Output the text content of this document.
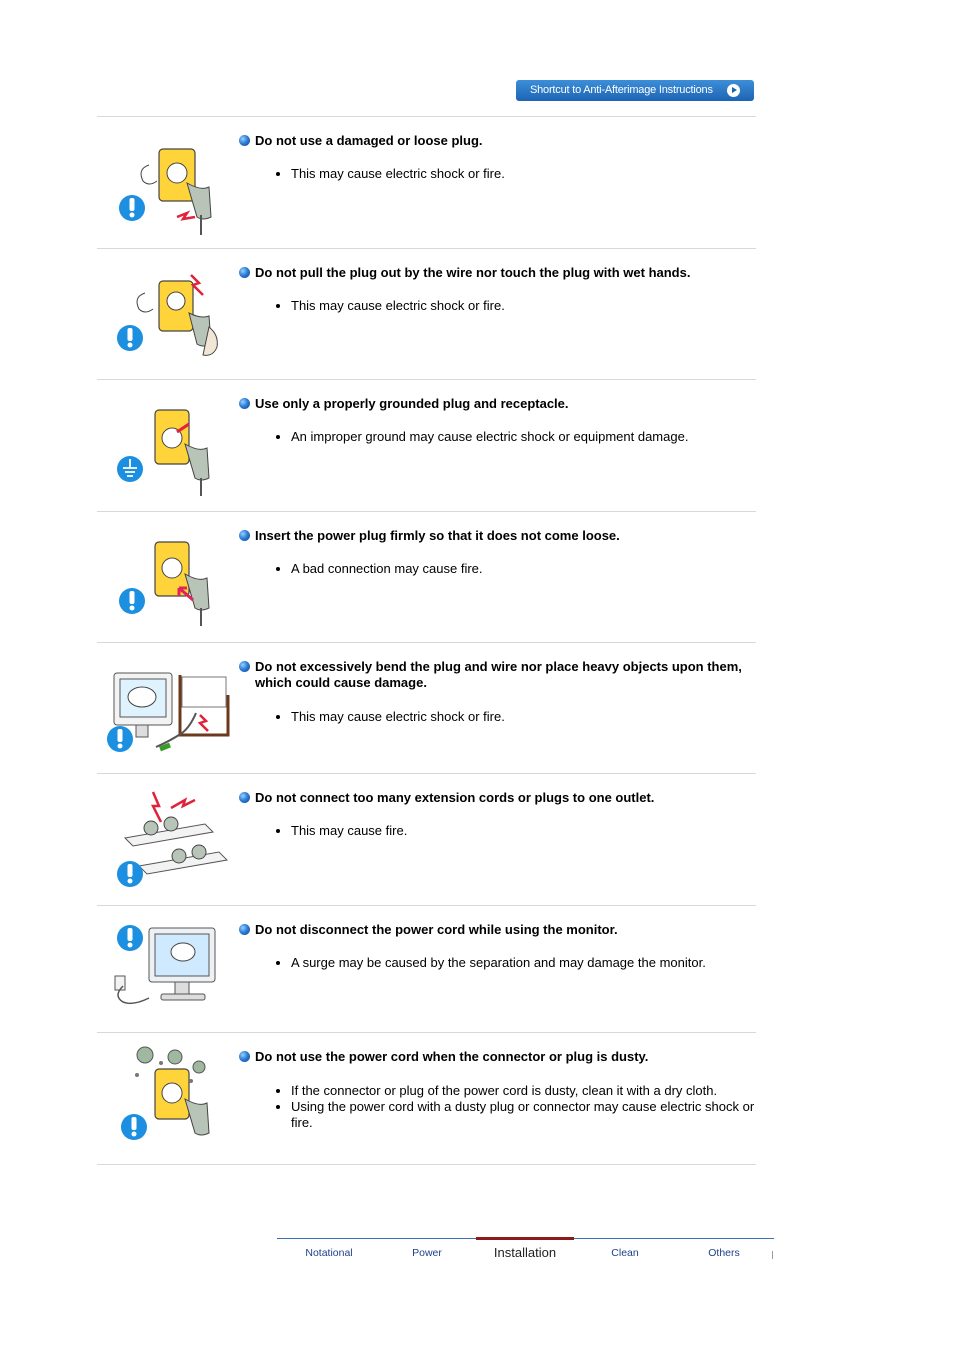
Shortcut to Anti-Afterimage Instructions
Do not use a damaged or loose plug.
• This may cause electric shock or fire.
Do not pull the plug out by the wire nor touch the plug with wet hands.
• This may cause electric shock or fire.
Use only a properly grounded plug and receptacle.
• An improper ground may cause electric shock or equipment damage.
Insert the power plug firmly so that it does not come loose.
• A bad connection may cause fire.
Do not excessively bend the plug and wire nor place heavy objects upon them, which could cause damage.
• This may cause electric shock or fire.
Do not connect too many extension cords or plugs to one outlet.
• This may cause fire.
Do not disconnect the power cord while using the monitor.
• A surge may be caused by the separation and may damage the monitor.
Do not use the power cord when the connector or plug is dusty.
• If the connector or plug of the power cord is dusty, clean it with a dry cloth.
• Using the power cord with a dusty plug or connector may cause electric shock or fire.
Notational	Power	Installation	Clean	Others
